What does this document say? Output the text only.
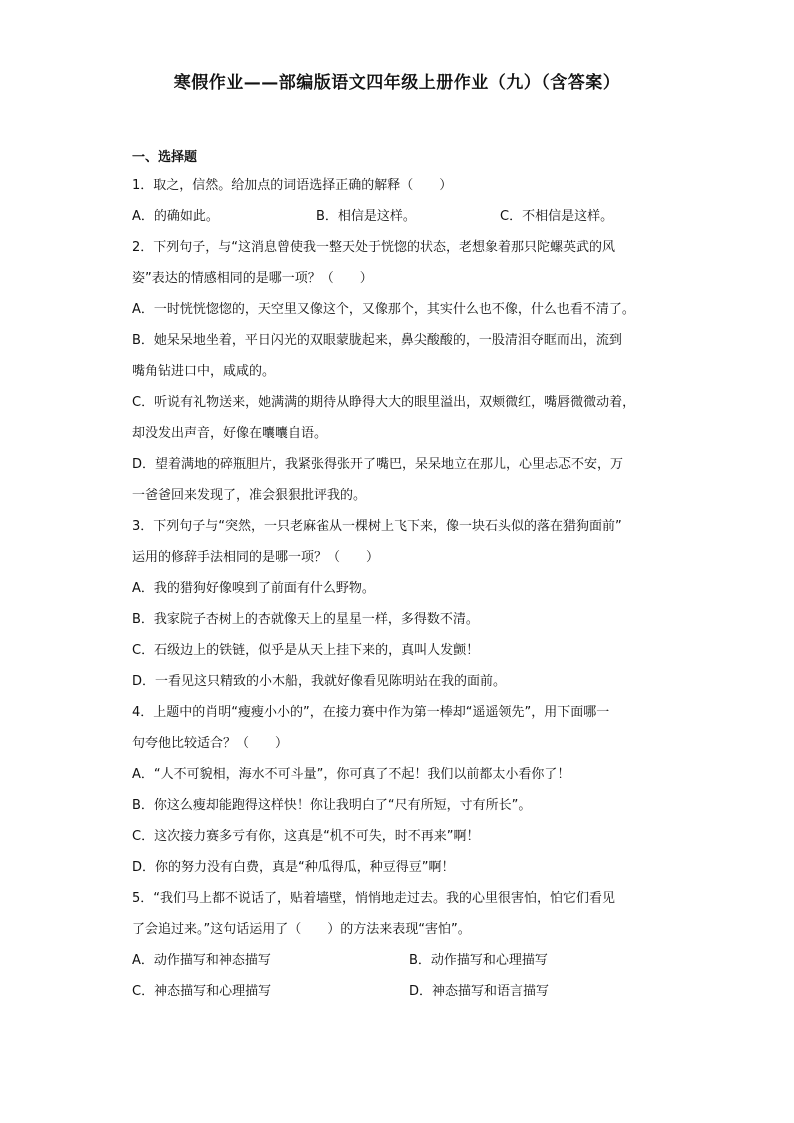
寒假作业——部编版语文四年级上册作业（九）（含答案）
一、选择题
1．取之，信然。给加点的词语选择正确的解释（　　）
A．的确如此。	B．相信是这样。	C．不相信是这样。
2．下列句子，与“这消息曾使我一整天处于恍惚的状态，老想象着那只陀螺英武的风
姿”表达的情感相同的是哪一项？（　　）
A．一时恍恍惚惚的，天空里又像这个，又像那个，其实什么也不像，什么也看不清了。
B．她呆呆地坐着，平日闪光的双眼蒙胧起来，鼻尖酸酸的，一股清泪夺眶而出，流到
嘴角钻进口中，咸咸的。
C．听说有礼物送来，她满满的期待从睁得大大的眼里溢出，双颊微红，嘴唇微微动着，
却没发出声音，好像在囔囔自语。
D．望着满地的碎瓶胆片，我紧张得张开了嘴巴，呆呆地立在那儿，心里忐忑不安，万
一爸爸回来发现了，准会狠狠批评我的。
3．下列句子与“突然，一只老麻雀从一棵树上飞下来，像一块石头似的落在猎狗面前”
运用的修辞手法相同的是哪一项？（　　）
A．我的猎狗好像嗅到了前面有什么野物。
B．我家院子杏树上的杏就像天上的星星一样，多得数不清。
C．石级边上的铁链，似乎是从天上挂下来的，真叫人发颤！
D．一看见这只精致的小木船，我就好像看见陈明站在我的面前。
4．上题中的肖明“瘦瘦小小的”，在接力赛中作为第一棒却“遥遥领先”，用下面哪一
句夸他比较适合？（　　）
A．“人不可貌相，海水不可斗量”，你可真了不起！我们以前都太小看你了！
B．你这么瘦却能跑得这样快！你让我明白了“尺有所短，寸有所长”。
C．这次接力赛多亏有你，这真是“机不可失，时不再来”啊！
D．你的努力没有白费，真是“种瓜得瓜，种豆得豆”啊！
5．“我们马上都不说话了，贴着墙壁，悄悄地走过去。我的心里很害怕，怕它们看见
了会追过来。”这句话运用了（　　）的方法来表现“害怕”。
A．动作描写和神态描写	B．动作描写和心理描写
C．神态描写和心理描写	D．神态描写和语言描写
